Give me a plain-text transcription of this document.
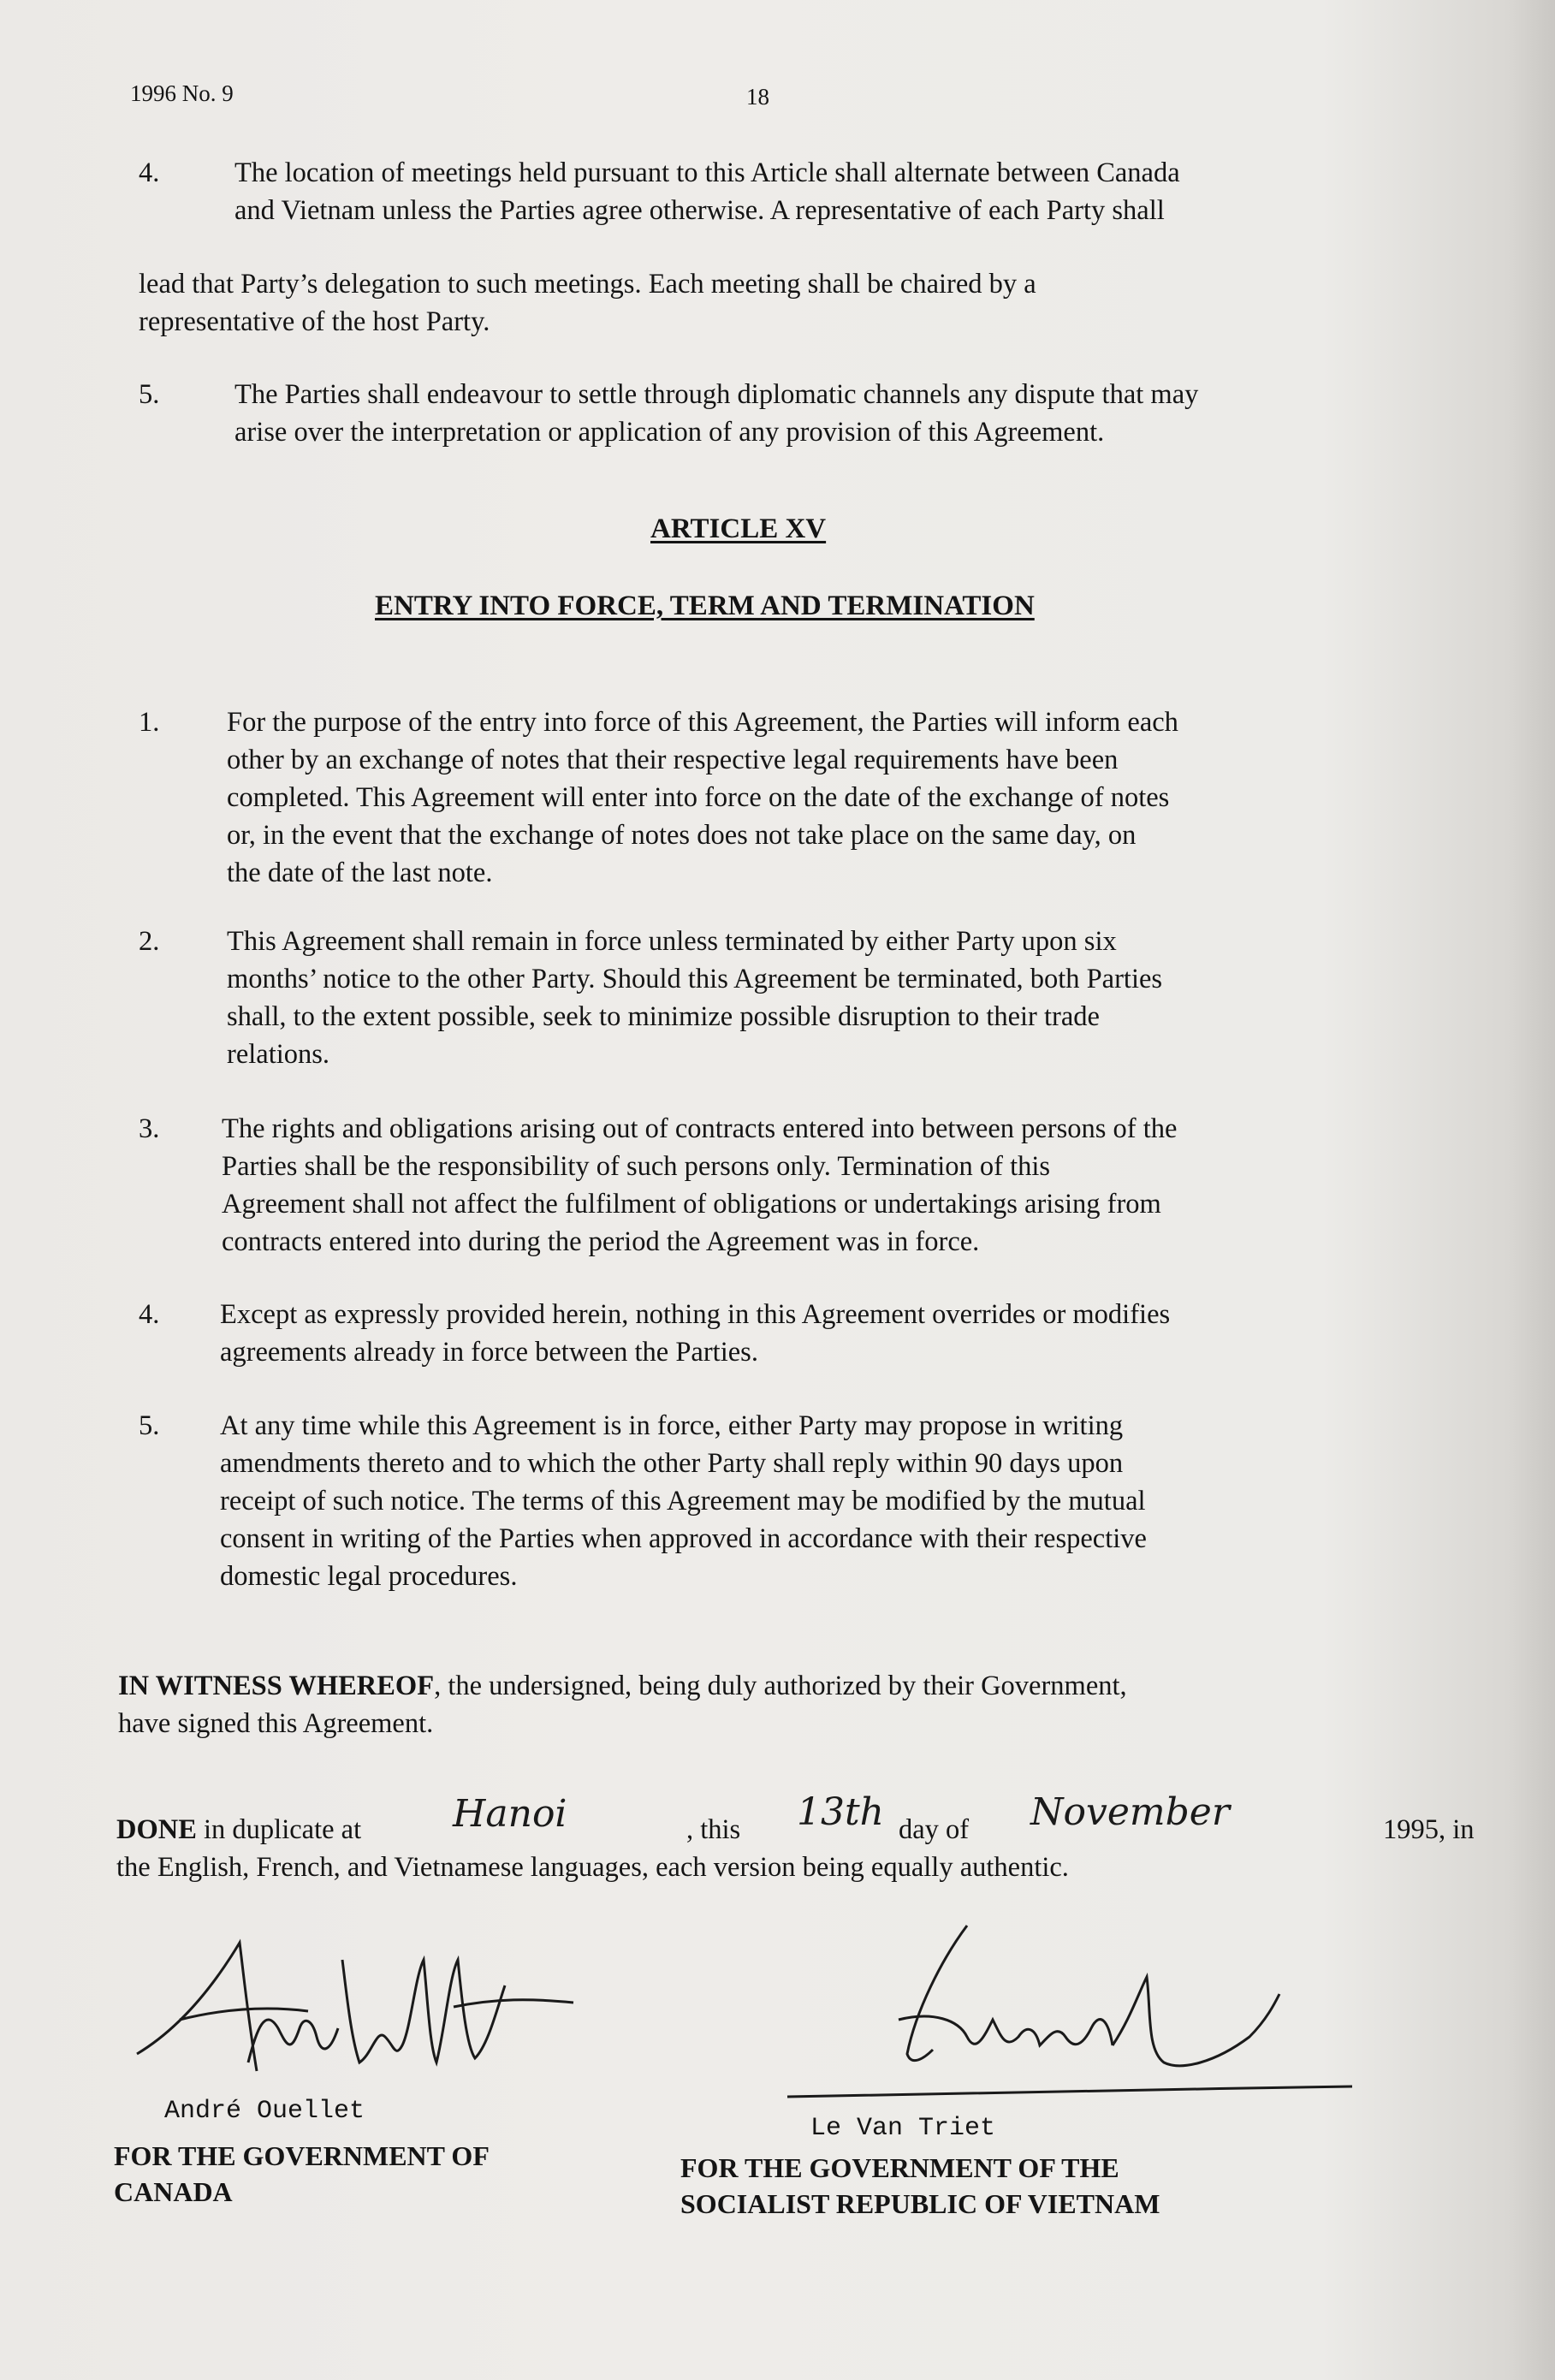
1996 No. 9	18
4.	The location of meetings held pursuant to this Article shall alternate between Canada
and Vietnam unless the Parties agree otherwise. A representative of each Party shall
lead that Party’s delegation to such meetings. Each meeting shall be chaired by a
representative of the host Party.
5.	The Parties shall endeavour to settle through diplomatic channels any dispute that may
arise over the interpretation or application of any provision of this Agreement.
ARTICLE XV
ENTRY INTO FORCE, TERM AND TERMINATION
1. For the purpose of the entry into force of this Agreement, the Parties will inform each
other by an exchange of notes that their respective legal requirements have been
completed. This Agreement will enter into force on the date of the exchange of notes
or, in the event that the exchange of notes does not take place on the same day, on
the date of the last note.
2. This Agreement shall remain in force unless terminated by either Party upon six
months’ notice to the other Party. Should this Agreement be terminated, both Parties
shall, to the extent possible, seek to minimize possible disruption to their trade
relations.
3. The rights and obligations arising out of contracts entered into between persons of the
Parties shall be the responsibility of such persons only. Termination of this
Agreement shall not affect the fulfilment of obligations or undertakings arising from
contracts entered into during the period the Agreement was in force.
4. Except as expressly provided herein, nothing in this Agreement overrides or modifies
agreements already in force between the Parties.
5. At any time while this Agreement is in force, either Party may propose in writing
amendments thereto and to which the other Party shall reply within 90 days upon
receipt of such notice. The terms of this Agreement may be modified by the mutual
consent in writing of the Parties when approved in accordance with their respective
domestic legal procedures.
IN WITNESS WHEREOF, the undersigned, being duly authorized by their Government,
have signed this Agreement.
DONE in duplicate at Hanoi	, this 13th day of November	1995, in
the English, French, and Vietnamese languages, each version being equally authentic.
André Ouellet
FOR THE GOVERNMENT OF
CANADA
Le Van Triet
FOR THE GOVERNMENT OF THE
SOCIALIST REPUBLIC OF VIETNAM
